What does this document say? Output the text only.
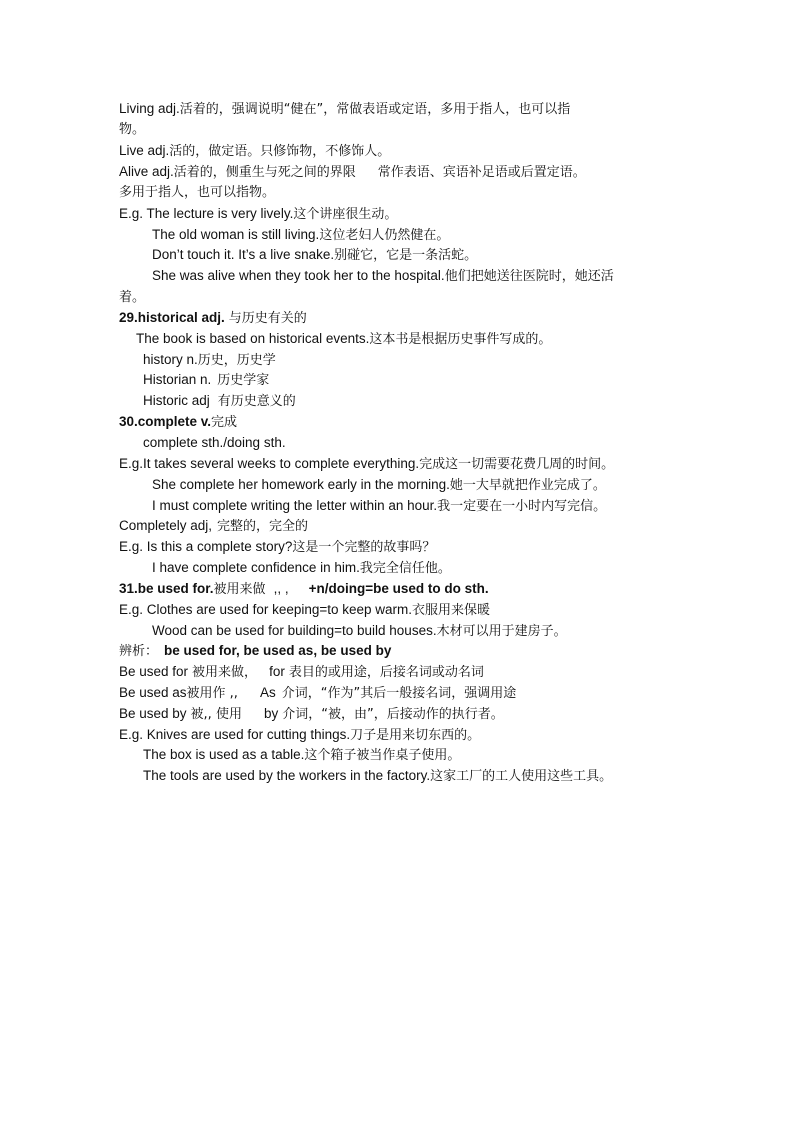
Living adj.活着的，强调说明“健在”，常做表语或定语，多用于指人，也可以指
物。
Live adj.活的，做定语。只修饰物，不修饰人。
Alive adj.活着的，侧重生与死之间的界限 常作表语、宾语补足语或后置定语。
多用于指人，也可以指物。
E.g. The lecture is very lively.这个讲座很生动。
The old woman is still living.这位老妇人仍然健在。
Don’t touch it. It’s a live snake.别碰它，它是一条活蛇。
She was alive when they took her to the hospital.他们把她送往医院时，她还活
着。
29.historical adj. 与历史有关的
The book is based on historical events.这本书是根据历史事件写成的。
history n.历史，历史学
Historian n. 历史学家
Historic adj 有历史意义的
30.complete v.完成
complete sth./doing sth.
E.g.It takes several weeks to complete everything.完成这一切需要花费几周的时间。
She complete her homework early in the morning.她一大早就把作业完成了。
I must complete writing the letter within an hour.我一定要在一小时内写完信。
Completely adj, 完整的，完全的
E.g. Is this a complete story?这是一个完整的故事吗？
I have complete confidence in him.我完全信任他。
31.be used for.被用来做 ,, , +n/doing=be used to do sth.
E.g. Clothes are used for keeping=to keep warm.衣服用来保暖
Wood can be used for building=to build houses.木材可以用于建房子。
辨析： be used for, be used as, be used by
Be used for 被用来做， for 表目的或用途，后接名词或动名词
Be used as被用作 ,, As 介词，“作为”其后一般接名词，强调用途
Be used by 被,, 使用 by 介词，“被，由”，后接动作的执行者。
E.g. Knives are used for cutting things.刀子是用来切东西的。
The box is used as a table.这个箱子被当作桌子使用。
The tools are used by the workers in the factory.这家工厂的工人使用这些工具。
